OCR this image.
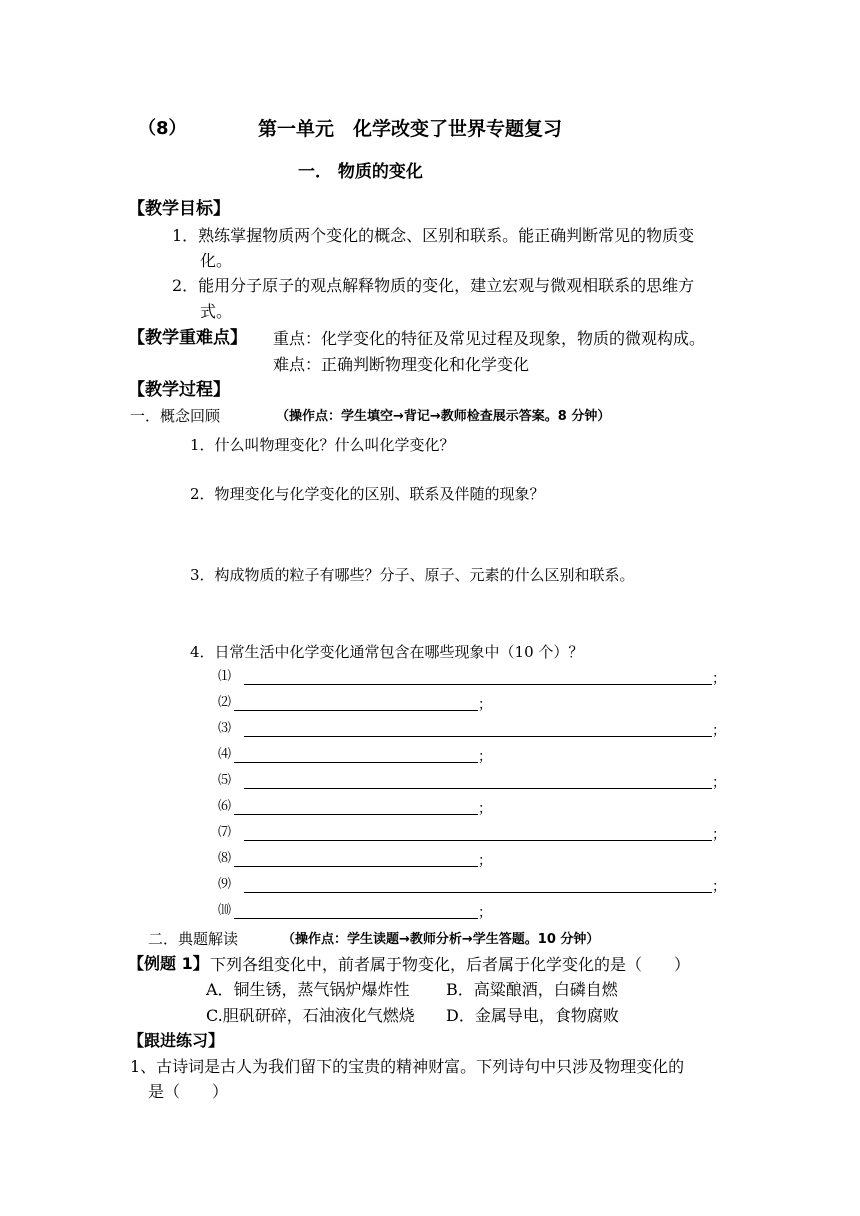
（8）	第一单元　化学改变了世界专题复习
一． 物质的变化
【教学目标】
1．熟练掌握物质两个变化的概念、区别和联系。能正确判断常见的物质变
化。
2．能用分子原子的观点解释物质的变化，建立宏观与微观相联系的思维方
式。
【教学重难点】 重点：化学变化的特征及常见过程及现象，物质的微观构成。
难点：正确判断物理变化和化学变化
【教学过程】
一．概念回顾	（操作点：学生填空→背记→教师检查展示答案。8 分钟）
1．什么叫物理变化？什么叫化学变化？
2．物理变化与化学变化的区别、联系及伴随的现象？
3．构成物质的粒子有哪些？分子、原子、元素的什么区别和联系。
4．日常生活中化学变化通常包含在哪些现象中（10 个）？
⑴	；
⑵	；
⑶	；
⑷	；
⑸	；
⑹	；
⑺	；
⑻	；
⑼	；
⑽	；
二．典题解读	（操作点：学生读题→教师分析→学生答题。10 分钟）
【例题 1】 下列各组变化中，前者属于物变化，后者属于化学变化的是（　　）
A．铜生锈，蒸气锅炉爆炸性 B．高粱酿酒，白磷自燃
C.胆矾研碎，石油液化气燃烧 D．金属导电，食物腐败
【跟进练习】
1、古诗词是古人为我们留下的宝贵的精神财富。下列诗句中只涉及物理变化的
是（　　）
